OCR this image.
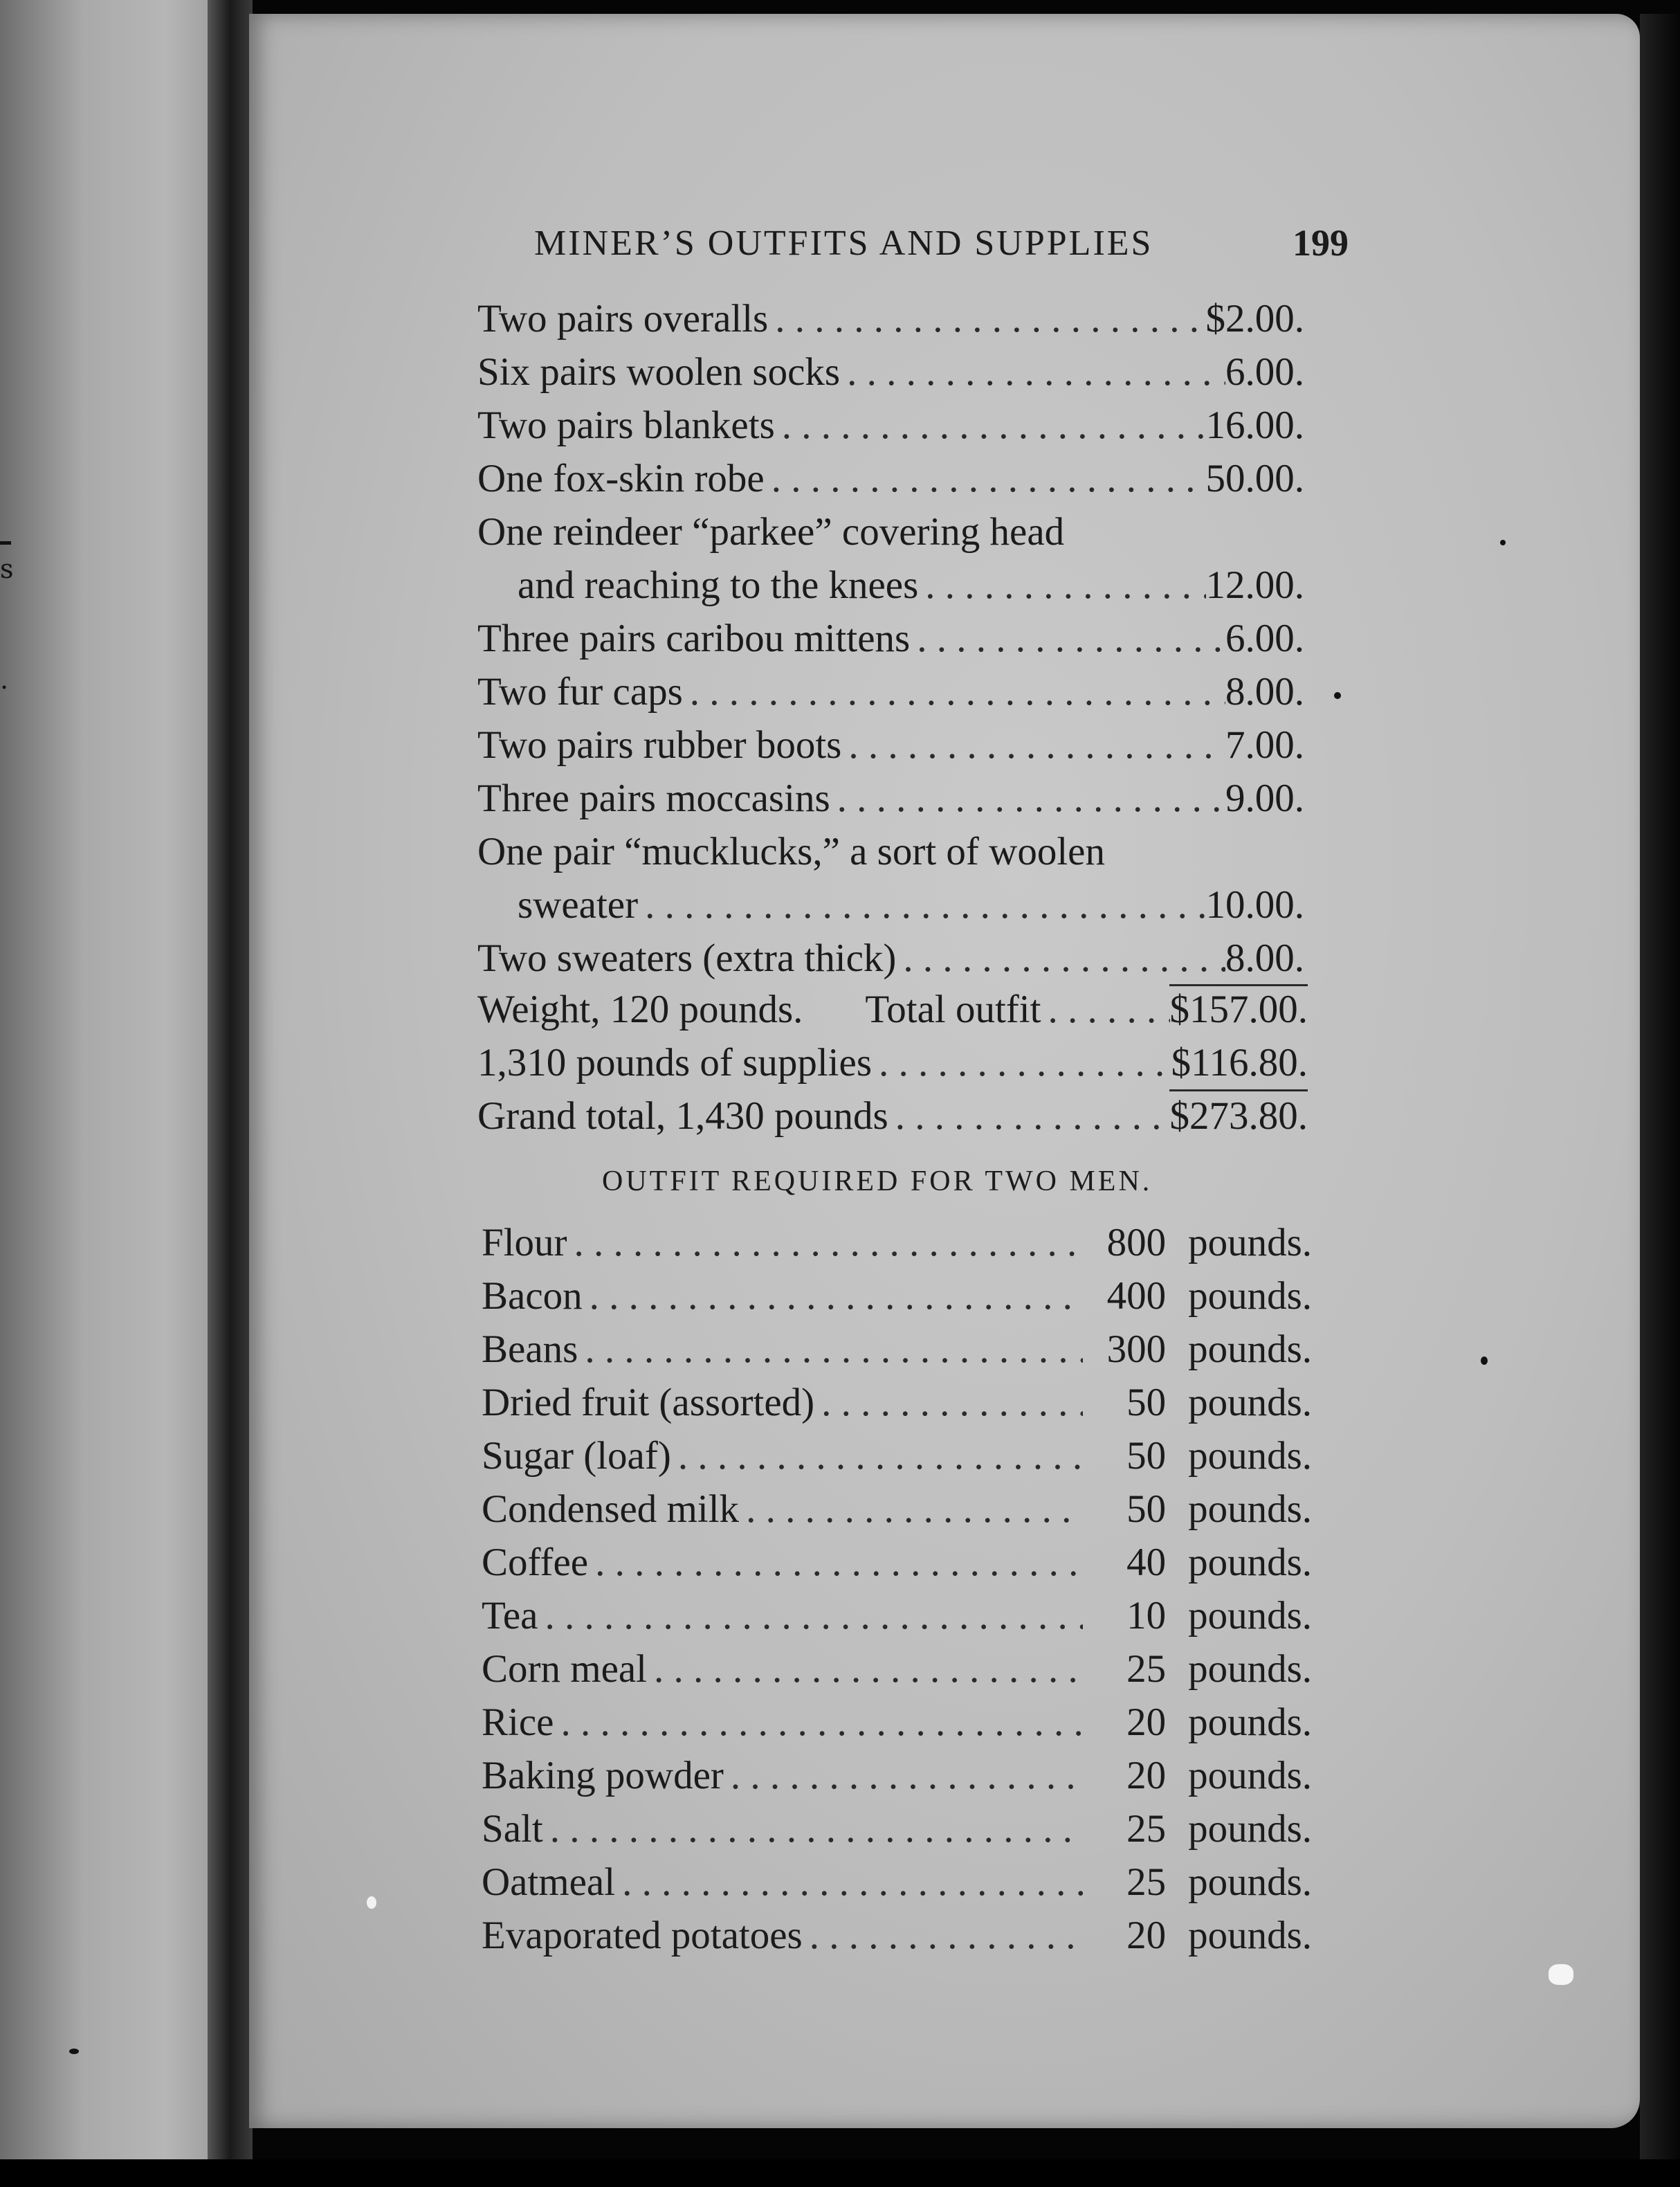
s
.
MINER’S OUTFITS AND SUPPLIES	199
Two pairs overalls . . .	$2.00.
Six pairs woolen socks . . .	6.00.
Two pairs blankets . . .	16.00.
One fox-skin robe . . .	50.00.
One reindeer “parkee” covering head
and reaching to the knees . . .	12.00.
Three pairs caribou mittens . . .	6.00.
Two fur caps . . .	8.00.
Two pairs rubber boots . . .	7.00.
Three pairs moccasins . . .	9.00.
One pair “mucklucks,” a sort of woolen
sweater . . .	10.00.
Two sweaters (extra thick) . . .	8.00.
Weight, 120 pounds.	Total outfit . . .	$157.00.
1,310 pounds of supplies . . .	$116.80.
Grand total, 1,430 pounds . . .	$273.80.
OUTFIT REQUIRED FOR TWO MEN.
Flour . . .	800 pounds.
Bacon . . .	400 pounds.
Beans . . .	300 pounds.
Dried fruit (assorted) . . .	50 pounds.
Sugar (loaf) . . .	50 pounds.
Condensed milk . . .	50 pounds.
Coffee . . .	40 pounds.
Tea . . .	10 pounds.
Corn meal . . .	25 pounds.
Rice . . .	20 pounds.
Baking powder . . .	20 pounds.
Salt . . .	25 pounds.
Oatmeal . . .	25 pounds.
Evaporated potatoes . . .	20 pounds.
